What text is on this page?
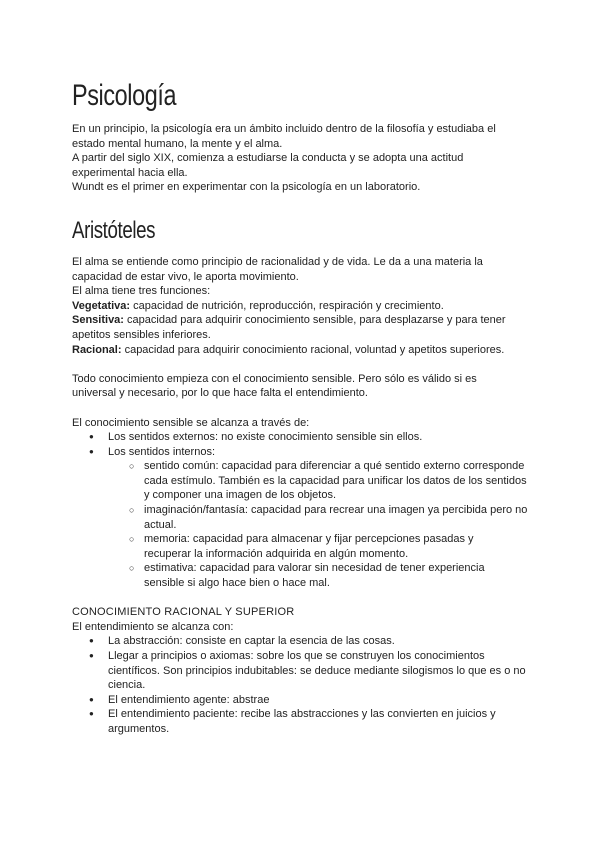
Psicología

En un principio, la psicología era un ámbito incluido dentro de la filosofía y estudiaba el estado mental humano, la mente y el alma.

A partir del siglo XIX, comienza a estudiarse la conducta y se adopta una actitud experimental hacia ella.

Wundt es el primer en experimentar con la psicología en un laboratorio.

Aristóteles

El alma se entiende como principio de racionalidad y de vida. Le da a una materia la capacidad de estar vivo, le aporta movimiento.

El alma tiene tres funciones:

Vegetativa: capacidad de nutrición, reproducción, respiración y crecimiento.

Sensitiva: capacidad para adquirir conocimiento sensible, para desplazarse y para tener apetitos sensibles inferiores.

Racional: capacidad para adquirir conocimiento racional, voluntad y apetitos superiores.

Todo conocimiento empieza con el conocimiento sensible. Pero sólo es válido si es universal y necesario, por lo que hace falta el entendimiento.

El conocimiento sensible se alcanza a través de:

● Los sentidos externos: no existe conocimiento sensible sin ellos.
● Los sentidos internos:
○ sentido común: capacidad para diferenciar a qué sentido externo corresponde cada estímulo. También es la capacidad para unificar los datos de los sentidos y componer una imagen de los objetos.
○ imaginación/fantasía: capacidad para recrear una imagen ya percibida pero no actual.
○ memoria: capacidad para almacenar y fijar percepciones pasadas y recuperar la información adquirida en algún momento.
○ estimativa: capacidad para valorar sin necesidad de tener experiencia sensible si algo hace bien o hace mal.

CONOCIMIENTO RACIONAL Y SUPERIOR

El entendimiento se alcanza con:

● La abstracción: consiste en captar la esencia de las cosas.
● Llegar a principios o axiomas: sobre los que se construyen los conocimientos científicos. Son principios indubitables: se deduce mediante silogismos lo que es o no ciencia.
● El entendimiento agente: abstrae
● El entendimiento paciente: recibe las abstracciones y las convierten en juicios y argumentos.
